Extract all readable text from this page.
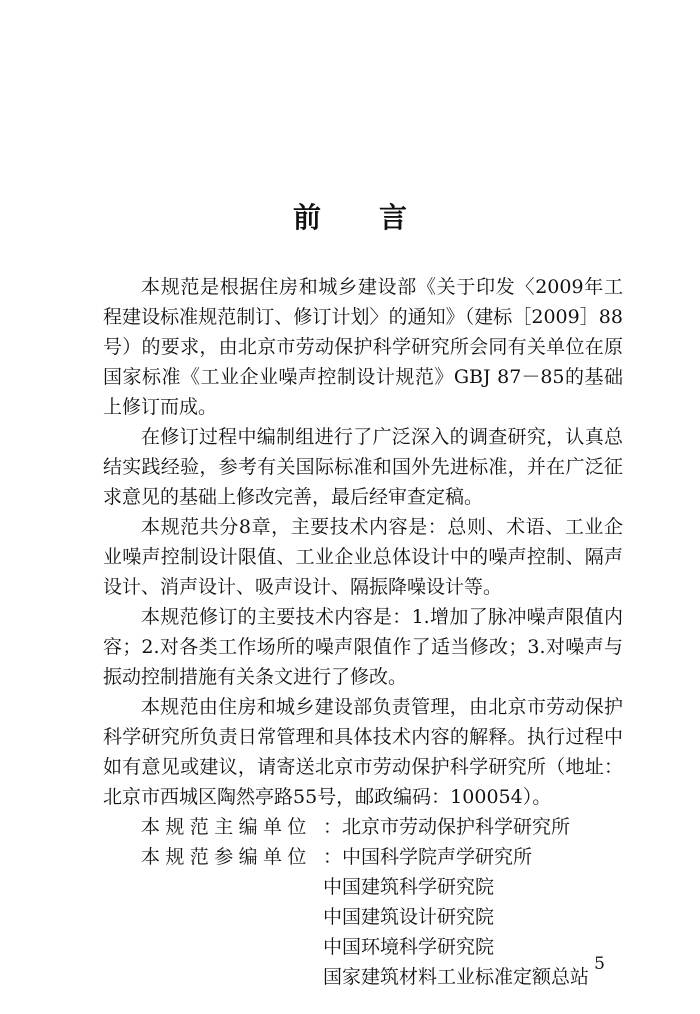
前 言

本规范是根据住房和城乡建设部《关于印发〈2009年工程建设标准规范制订、修订计划〉的通知》（建标［2009］88号）的要求，由北京市劳动保护科学研究所会同有关单位在原国家标准《工业企业噪声控制设计规范》GBJ 87－85的基础上修订而成。

在修订过程中编制组进行了广泛深入的调查研究，认真总结实践经验，参考有关国际标准和国外先进标准，并在广泛征求意见的基础上修改完善，最后经审查定稿。

本规范共分8章，主要技术内容是：总则、术语、工业企业噪声控制设计限值、工业企业总体设计中的噪声控制、隔声设计、消声设计、吸声设计、隔振降噪设计等。

本规范修订的主要技术内容是：1.增加了脉冲噪声限值内容；2.对各类工作场所的噪声限值作了适当修改；3.对噪声与振动控制措施有关条文进行了修改。

本规范由住房和城乡建设部负责管理，由北京市劳动保护科学研究所负责日常管理和具体技术内容的解释。执行过程中如有意见或建议，请寄送北京市劳动保护科学研究所（地址：北京市西城区陶然亭路55号，邮政编码：100054）。

本规范主编单位 ： 北京市劳动保护科学研究所
本规范参编单位 ： 中国科学院声学研究所
中国建筑科学研究院
中国建筑设计研究院
中国环境科学研究院
国家建筑材料工业标准定额总站
5
